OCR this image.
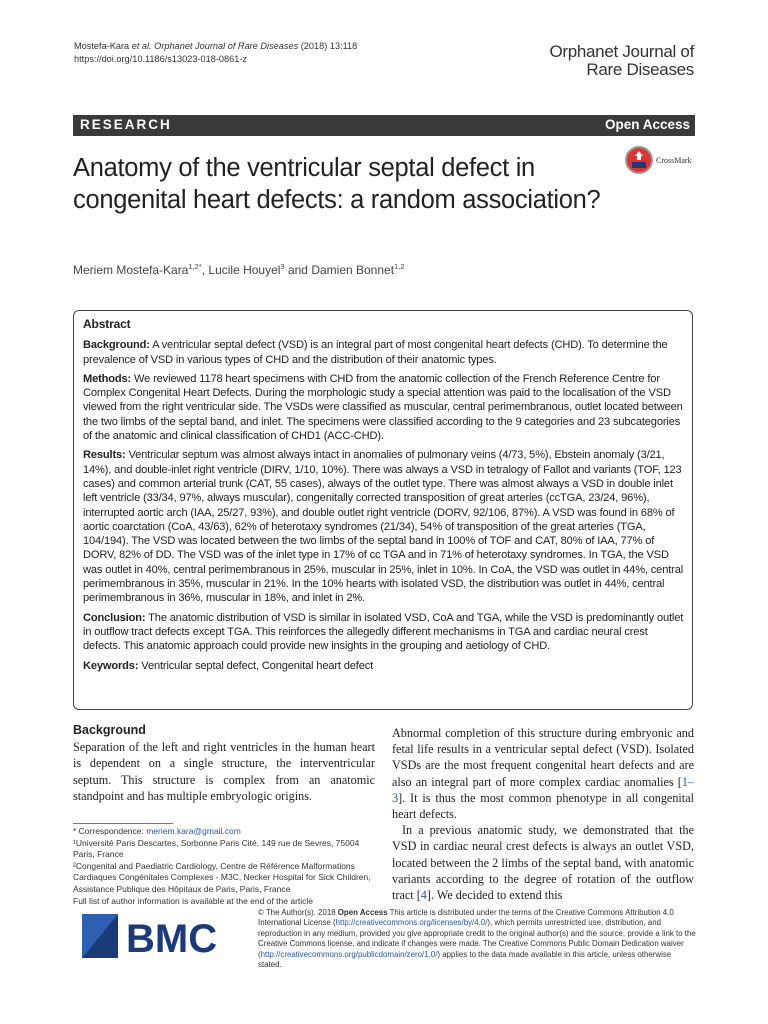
Mostefa-Kara et al. Orphanet Journal of Rare Diseases (2018) 13:118
https://doi.org/10.1186/s13023-018-0861-z	Orphanet Journal of
Rare Diseases
RESEARCH	Open Access
Anatomy of the ventricular septal defect in congenital heart defects: a random association?
CrossMark
Meriem Mostefa-Kara$^{1,2*}$, Lucile Houyel$^3$ and Damien Bonnet$^{1,2}$
Abstract

Background: A ventricular septal defect (VSD) is an integral part of most congenital heart defects (CHD). To determine the prevalence of VSD in various types of CHD and the distribution of their anatomic types.

Methods: We reviewed 1178 heart specimens with CHD from the anatomic collection of the French Reference Centre for Complex Congenital Heart Defects. During the morphologic study a special attention was paid to the localisation of the VSD viewed from the right ventricular side. The VSDs were classified as muscular, central perimembranous, outlet located between the two limbs of the septal band, and inlet. The specimens were classified according to the 9 categories and 23 subcategories of the anatomic and clinical classification of CHD1 (ACC-CHD).

Results: Ventricular septum was almost always intact in anomalies of pulmonary veins (4/73, 5%), Ebstein anomaly (3/21, 14%), and double-inlet right ventricle (DIRV, 1/10, 10%). There was always a VSD in tetralogy of Fallot and variants (TOF, 123 cases) and common arterial trunk (CAT, 55 cases), always of the outlet type. There was almost always a VSD in double inlet left ventricle (33/34, 97%, always muscular), congenitally corrected transposition of great arteries (ccTGA, 23/24, 96%), interrupted aortic arch (IAA, 25/27, 93%), and double outlet right ventricle (DORV, 92/106, 87%). A VSD was found in 68% of aortic coarctation (CoA, 43/63), 62% of heterotaxy syndromes (21/34), 54% of transposition of the great arteries (TGA, 104/194). The VSD was located between the two limbs of the septal band in 100% of TOF and CAT, 80% of IAA, 77% of DORV, 82% of DD. The VSD was of the inlet type in 17% of cc TGA and in 71% of heterotaxy syndromes. In TGA, the VSD was outlet in 40%, central perimembranous in 25%, muscular in 25%, inlet in 10%. In CoA, the VSD was outlet in 44%, central perimembranous in 35%, muscular in 21%. In the 10% hearts with isolated VSD, the distribution was outlet in 44%, central perimembranous in 36%, muscular in 18%, and inlet in 2%.

Conclusion: The anatomic distribution of VSD is similar in isolated VSD, CoA and TGA, while the VSD is predominantly outlet in outflow tract defects except TGA. This reinforces the allegedly different mechanisms in TGA and cardiac neural crest defects. This anatomic approach could provide new insights in the grouping and aetiology of CHD.

Keywords: Ventricular septal defect, Congenital heart defect

Background
Separation of the left and right ventricles in the human heart is dependent on a single structure, the interventricular septum. This structure is complex from an anatomic standpoint and has multiple embryologic origins.

Abnormal completion of this structure during embryonic and fetal life results in a ventricular septal defect (VSD). Isolated VSDs are the most frequent congenital heart defects and are also an integral part of more complex cardiac anomalies [1–3]. It is thus the most common phenotype in all congenital heart defects.

In a previous anatomic study, we demonstrated that the VSD in cardiac neural crest defects is always an outlet VSD, located between the 2 limbs of the septal band, with anatomic variants according to the degree of rotation of the outflow tract [4]. We decided to extend this

* Correspondence: meriem.kara@gmail.com
¹Université Paris Descartes, Sorbonne Paris Cité, 149 rue de Sevres, 75004 Paris, France
²Congenital and Paediatric Cardiology, Centre de Référence Malformations Cardiaques Congénitales Complexes - M3C, Necker Hospital for Sick Children, Assistance Publique des Hôpitaux de Paris, Paris, France
Full list of author information is available at the end of the article
BMC
© The Author(s). 2018 Open Access This article is distributed under the terms of the Creative Commons Attribution 4.0 International License (http://creativecommons.org/licenses/by/4.0/), which permits unrestricted use, distribution, and reproduction in any medium, provided you give appropriate credit to the original author(s) and the source, provide a link to the Creative Commons license, and indicate if changes were made. The Creative Commons Public Domain Dedication waiver (http://creativecommons.org/publicdomain/zero/1.0/) applies to the data made available in this article, unless otherwise stated.
